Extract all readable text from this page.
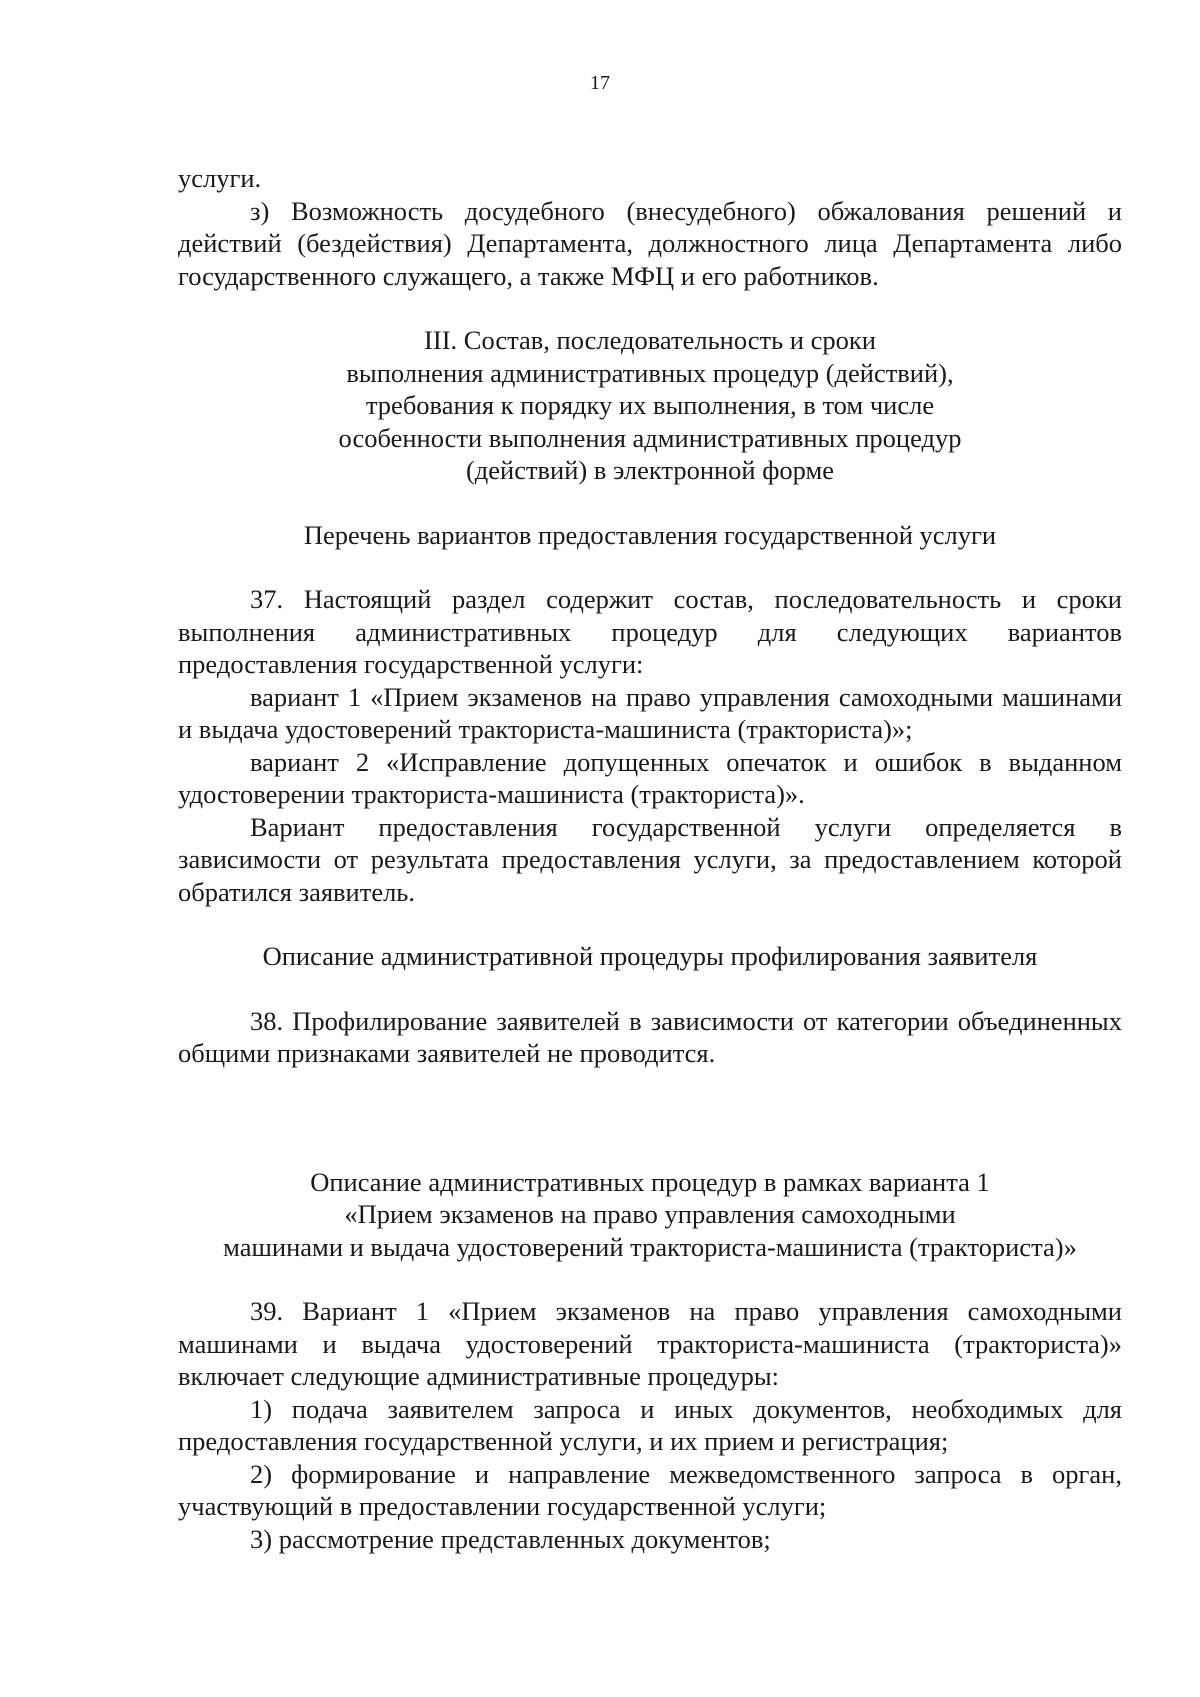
17

услуги.

з) Возможность досудебного (внесудебного) обжалования решений и действий (бездействия) Департамента, должностного лица Департамента либо государственного служащего, а также МФЦ и его работников.

III. Состав, последовательность и сроки
выполнения административных процедур (действий),
требования к порядку их выполнения, в том числе
особенности выполнения административных процедур
(действий) в электронной форме

Перечень вариантов предоставления государственной услуги

37. Настоящий раздел содержит состав, последовательность и сроки выполнения административных процедур для следующих вариантов предоставления государственной услуги:

вариант 1 «Прием экзаменов на право управления самоходными машинами и выдача удостоверений тракториста-машиниста (тракториста)»;

вариант 2 «Исправление допущенных опечаток и ошибок в выданном удостоверении тракториста-машиниста (тракториста)».

Вариант предоставления государственной услуги определяется в зависимости от результата предоставления услуги, за предоставлением которой обратился заявитель.

Описание административной процедуры профилирования заявителя

38. Профилирование заявителей в зависимости от категории объединенных общими признаками заявителей не проводится.

Описание административных процедур в рамках варианта 1
«Прием экзаменов на право управления самоходными
машинами и выдача удостоверений тракториста-машиниста (тракториста)»

39. Вариант 1 «Прием экзаменов на право управления самоходными машинами и выдача удостоверений тракториста-машиниста (тракториста)» включает следующие административные процедуры:

1) подача заявителем запроса и иных документов, необходимых для предоставления государственной услуги, и их прием и регистрация;

2) формирование и направление межведомственного запроса в орган, участвующий в предоставлении государственной услуги;

3) рассмотрение представленных документов;
